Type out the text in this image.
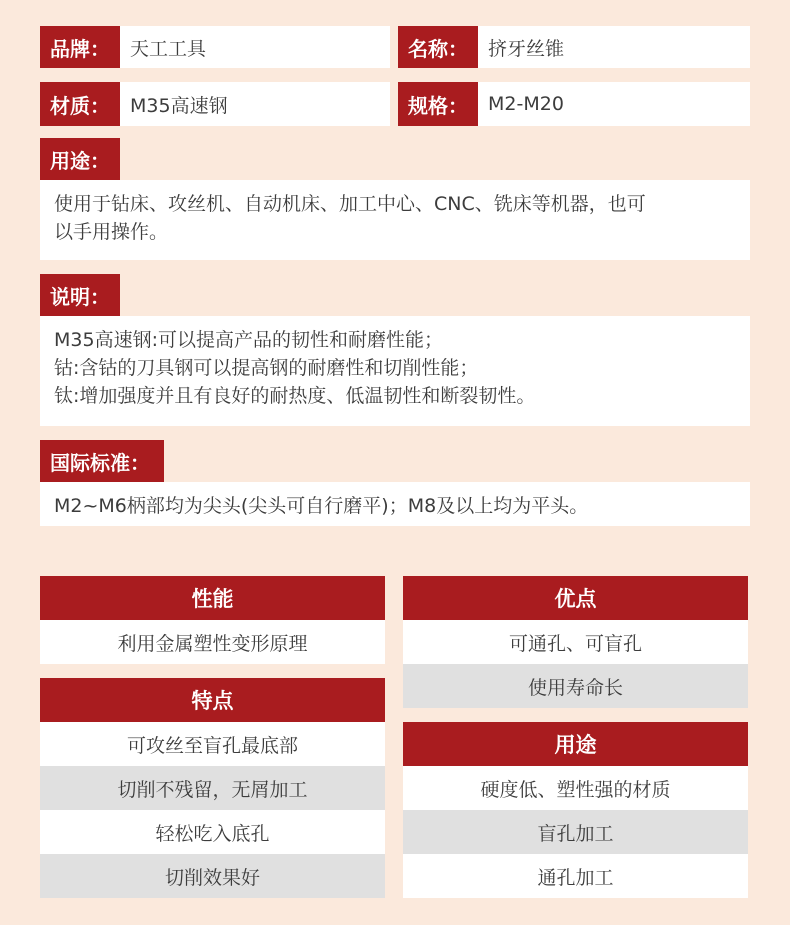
品牌：	天工工具	名称：	挤牙丝锥
材质：	M35高速钢	规格：	M2-M20
用途：
使用于钻床、攻丝机、自动机床、加工中心、CNC、铣床等机器，也可
以手用操作。
说明：
M35高速钢:可以提高产品的韧性和耐磨性能；
钴:含钴的刀具钢可以提高钢的耐磨性和切削性能；
钛:增加强度并且有良好的耐热度、低温韧性和断裂韧性。
国际标准：
M2~M6柄部均为尖头(尖头可自行磨平)；M8及以上均为平头。
性能
利用金属塑性变形原理
特点
可攻丝至盲孔最底部
切削不残留，无屑加工
轻松吃入底孔
切削效果好
优点
可通孔、可盲孔
使用寿命长
用途
硬度低、塑性强的材质
盲孔加工
通孔加工
